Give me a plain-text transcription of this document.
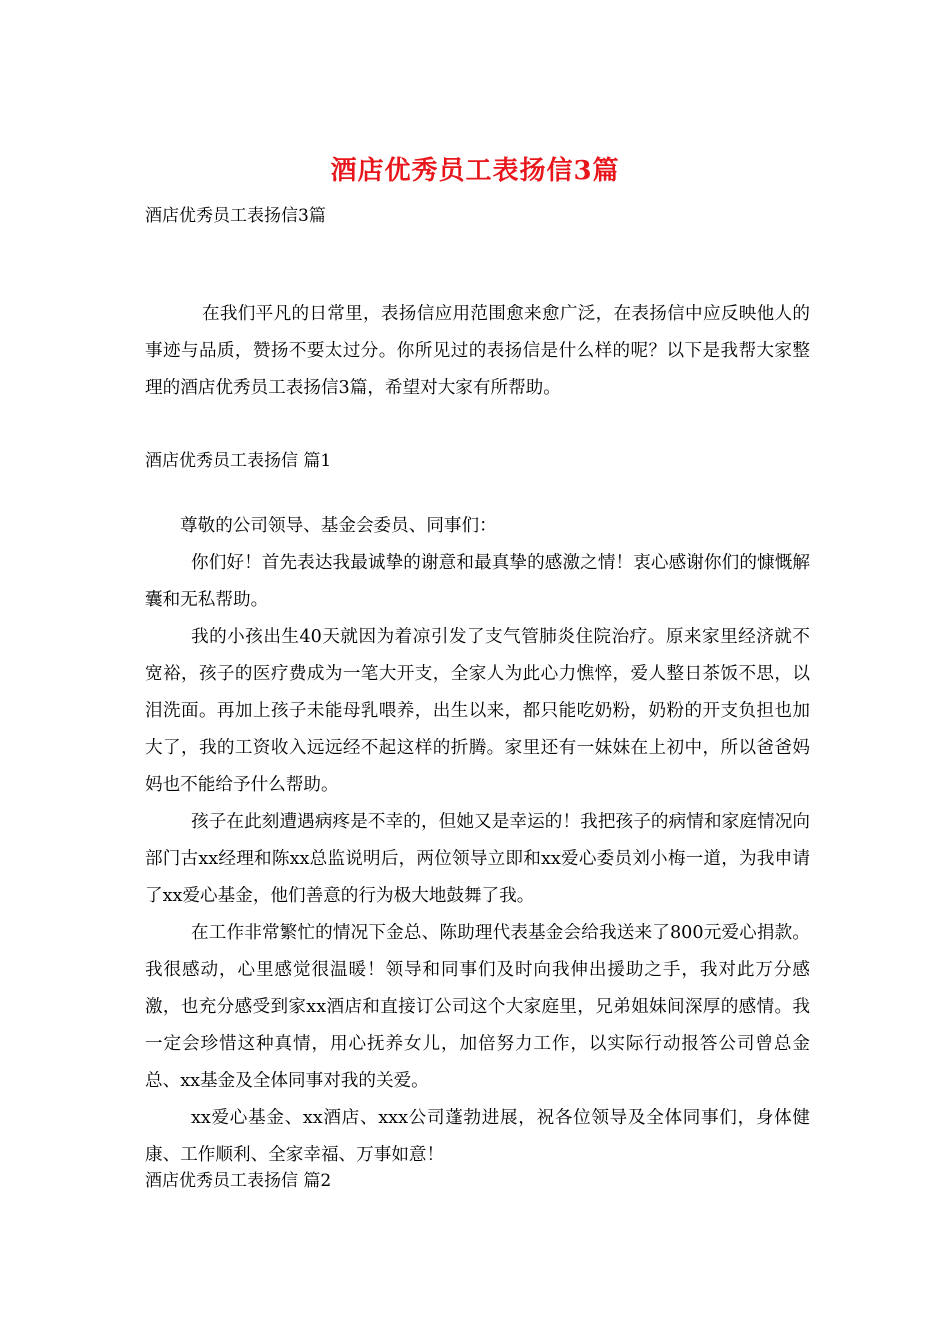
酒店优秀员工表扬信3篇
酒店优秀员工表扬信3篇
在我们平凡的日常里，表扬信应用范围愈来愈广泛，在表扬信中应反映他人的事迹与品质，赞扬不要太过分。你所见过的表扬信是什么样的呢？以下是我帮大家整理的酒店优秀员工表扬信3篇，希望对大家有所帮助。
酒店优秀员工表扬信 篇1
尊敬的公司领导、基金会委员、同事们：

你们好！首先表达我最诚挚的谢意和最真挚的感激之情！衷心感谢你们的慷慨解囊和无私帮助。

我的小孩出生40天就因为着凉引发了支气管肺炎住院治疗。原来家里经济就不宽裕，孩子的医疗费成为一笔大开支，全家人为此心力憔悴，爱人整日茶饭不思，以泪洗面。再加上孩子未能母乳喂养，出生以来，都只能吃奶粉，奶粉的开支负担也加大了，我的工资收入远远经不起这样的折腾。家里还有一妹妹在上初中，所以爸爸妈妈也不能给予什么帮助。

孩子在此刻遭遇病疼是不幸的，但她又是幸运的！我把孩子的病情和家庭情况向部门古xx经理和陈xx总监说明后，两位领导立即和xx爱心委员刘小梅一道，为我申请了xx爱心基金，他们善意的行为极大地鼓舞了我。

在工作非常繁忙的情况下金总、陈助理代表基金会给我送来了800元爱心捐款。我很感动，心里感觉很温暖！领导和同事们及时向我伸出援助之手，我对此万分感激，也充分感受到家xx酒店和直接订公司这个大家庭里，兄弟姐妹间深厚的感情。我一定会珍惜这种真情，用心抚养女儿，加倍努力工作，以实际行动报答公司曾总金总、xx基金及全体同事对我的关爱。

xx爱心基金、xx酒店、xxx公司蓬勃进展，祝各位领导及全体同事们，身体健康、工作顺利、全家幸福、万事如意！

酒店优秀员工表扬信 篇2
